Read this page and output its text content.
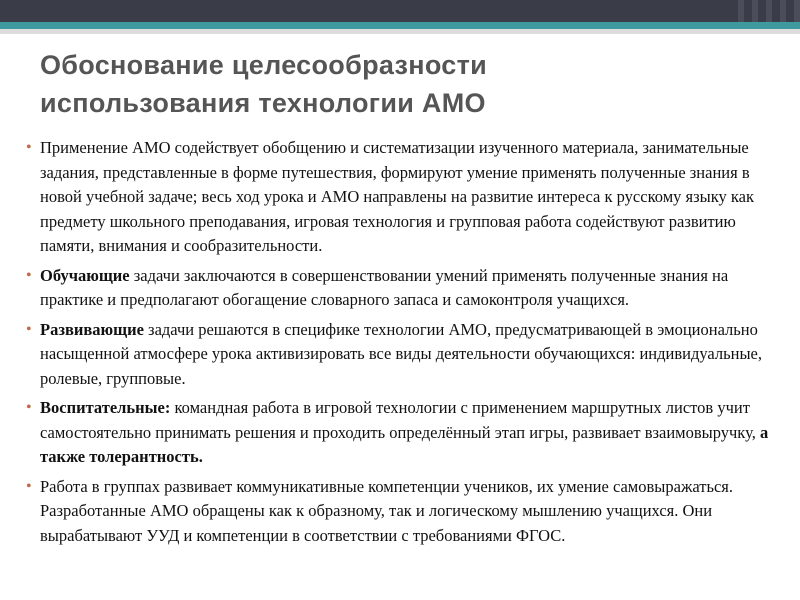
Обоснование целесообразности
использования технологии АМО
• Применение АМО содействует обобщению и систематизации изученного материала, занимательные задания, представленные в форме путешествия, формируют умение применять полученные знания в новой учебной задаче; весь ход урока и АМО направлены на развитие интереса к русскому языку как предмету школьного преподавания, игровая технология и групповая работа содействуют развитию памяти, внимания и сообразительности.
• Обучающие задачи заключаются в совершенствовании умений применять полученные знания на практике и предполагают обогащение словарного запаса и самоконтроля учащихся.
• Развивающие задачи решаются в специфике технологии АМО, предусматривающей в эмоционально насыщенной атмосфере урока активизировать все виды деятельности обучающихся: индивидуальные, ролевые, групповые.
• Воспитательные: командная работа в игровой технологии с применением маршрутных листов учит самостоятельно принимать решения и проходить определённый этап игры, развивает взаимовыручку, а также толерантность.
• Работа в группах развивает коммуникативные компетенции учеников, их умение самовыражаться. Разработанные АМО обращены как к образному, так и логическому мышлению учащихся. Они вырабатывают УУД и компетенции в соответствии с требованиями ФГОС.
